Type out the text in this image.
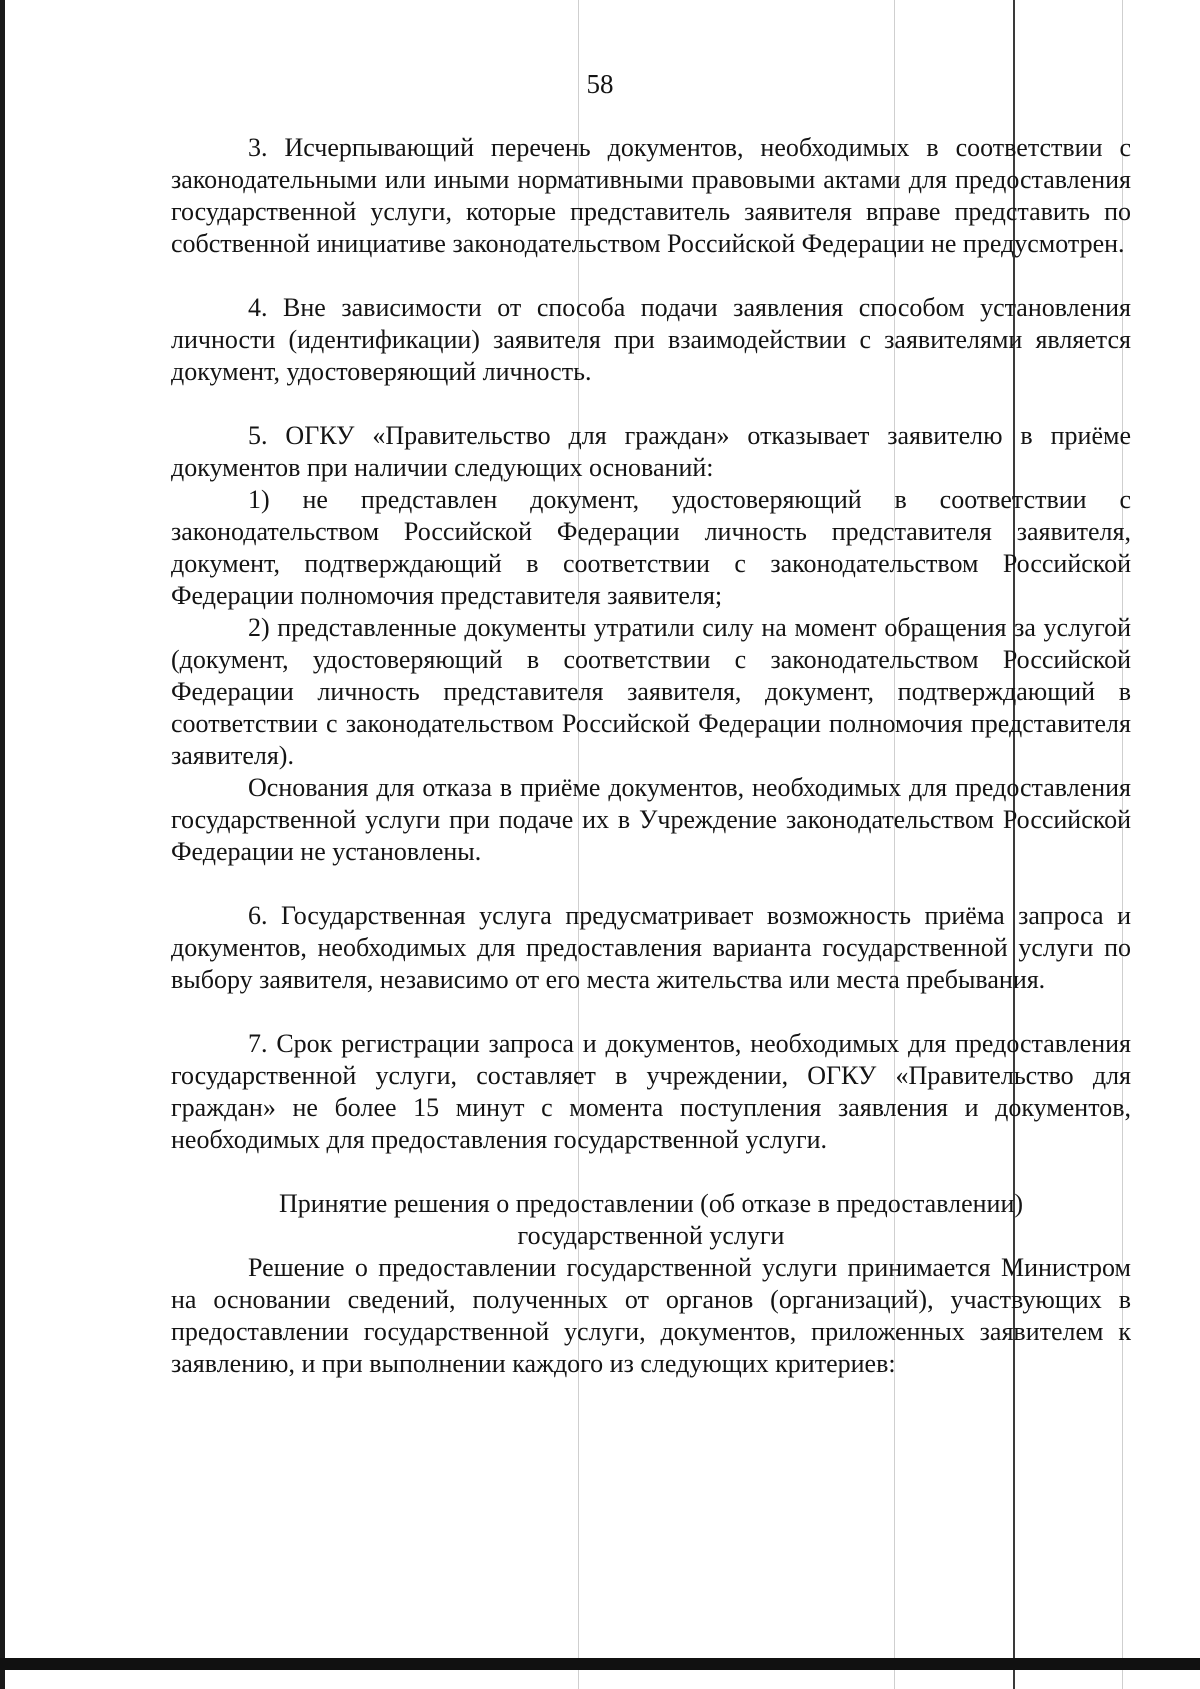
58

3. Исчерпывающий перечень документов, необходимых в соответствии с законодательными или иными нормативными правовыми актами для предоставления государственной услуги, которые представитель заявителя вправе представить по собственной инициативе законодательством Российской Федерации не предусмотрен.

4. Вне зависимости от способа подачи заявления способом установления личности (идентификации) заявителя при взаимодействии с заявителями является документ, удостоверяющий личность.

5. ОГКУ «Правительство для граждан» отказывает заявителю в приёме документов при наличии следующих оснований:

1) не представлен документ, удостоверяющий в соответствии с законодательством Российской Федерации личность представителя заявителя, документ, подтверждающий в соответствии с законодательством Российской Федерации полномочия представителя заявителя;

2) представленные документы утратили силу на момент обращения за услугой (документ, удостоверяющий в соответствии с законодательством Российской Федерации личность представителя заявителя, документ, подтверждающий в соответствии с законодательством Российской Федерации полномочия представителя заявителя).

Основания для отказа в приёме документов, необходимых для предоставления государственной услуги при подаче их в Учреждение законодательством Российской Федерации не установлены.

6. Государственная услуга предусматривает возможность приёма запроса и документов, необходимых для предоставления варианта государственной услуги по выбору заявителя, независимо от его места жительства или места пребывания.

7. Срок регистрации запроса и документов, необходимых для предоставления государственной услуги, составляет в учреждении, ОГКУ «Правительство для граждан» не более 15 минут с момента поступления заявления и документов, необходимых для предоставления государственной услуги.

Принятие решения о предоставлении (об отказе в предоставлении)
государственной услуги

Решение о предоставлении государственной услуги принимается Министром на основании сведений, полученных от органов (организаций), участвующих в предоставлении государственной услуги, документов, приложенных заявителем к заявлению, и при выполнении каждого из следующих критериев:
